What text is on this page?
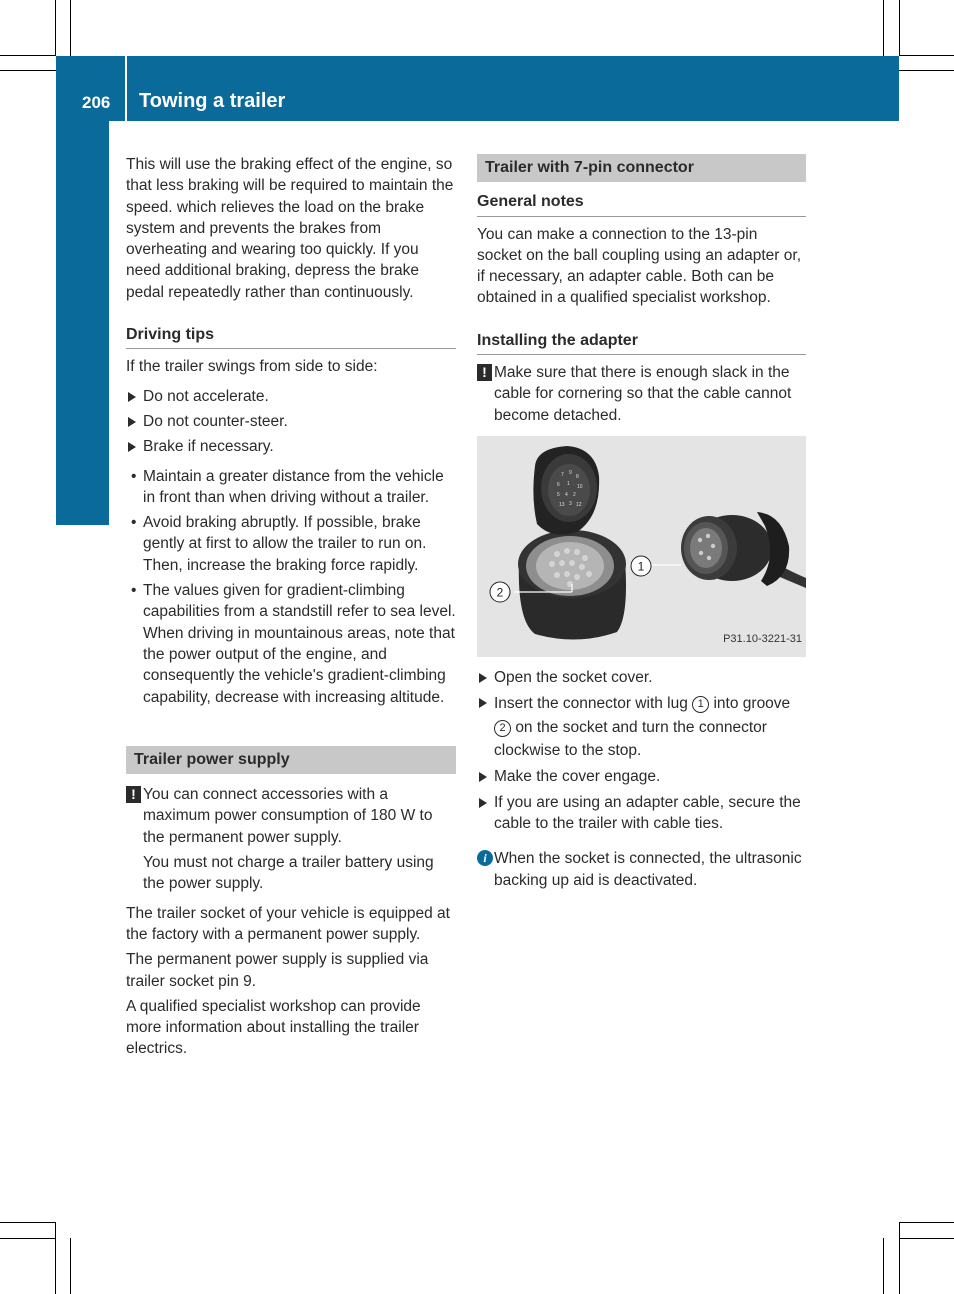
206 Towing a trailer
Driving and parking

This will use the braking effect of the engine, so that less braking will be required to maintain the speed. which relieves the load on the brake system and prevents the brakes from overheating and wearing too quickly. If you need additional braking, depress the brake pedal repeatedly rather than continuously.

Driving tips

If the trailer swings from side to side:

Do not accelerate.

Do not counter-steer.

Brake if necessary.

• Maintain a greater distance from the vehicle in front than when driving without a trailer.

• Avoid braking abruptly. If possible, brake gently at first to allow the trailer to run on. Then, increase the braking force rapidly.

• The values given for gradient-climbing capabilities from a standstill refer to sea level. When driving in mountainous areas, note that the power output of the engine, and consequently the vehicle's gradient-climbing capability, decrease with increasing altitude.

Trailer power supply

! You can connect accessories with a maximum power consumption of 180 W to the permanent power supply.

You must not charge a trailer battery using the power supply.

The trailer socket of your vehicle is equipped at the factory with a permanent power supply.

The permanent power supply is supplied via trailer socket pin 9.

A qualified specialist workshop can provide more information about installing the trailer electrics.

Trailer with 7-pin connector

General notes

You can make a connection to the 13-pin socket on the ball coupling using an adapter or, if necessary, an adapter cable. Both can be obtained in a qualified specialist workshop.

Installing the adapter

! Make sure that there is enough slack in the cable for cornering so that the cable cannot become detached.

7 9
8
6 1 10
5 4 2
13 3 12
1
2
P31.10-3221-31

Open the socket cover.

Insert the connector with lug 1 into groove 2 on the socket and turn the connector clockwise to the stop.

Make the cover engage.

If you are using an adapter cable, secure the cable to the trailer with cable ties.

i When the socket is connected, the ultrasonic backing up aid is deactivated.
